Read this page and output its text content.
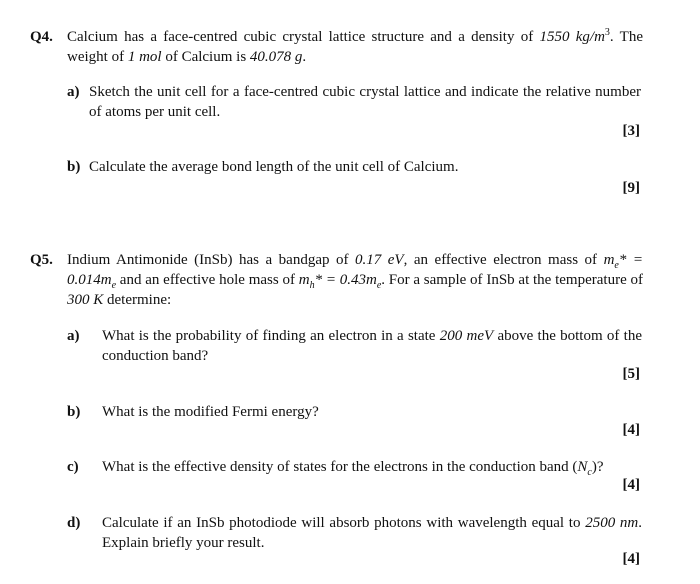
Q4. Calcium has a face-centred cubic crystal lattice structure and a density of 1550 $kg/m^3$. The weight of 1 mol of Calcium is 40.078 g.
a) Sketch the unit cell for a face-centred cubic crystal lattice and indicate the relative number of atoms per unit cell.
[3]
b) Calculate the average bond length of the unit cell of Calcium.
[9]
Q5. Indium Antimonide (InSb) has a bandgap of 0.17 eV, an effective electron mass of $m_e* = 0.014m_e$ and an effective hole mass of $m_h* = 0.43m_e$. For a sample of InSb at the temperature of 300 K determine:
a) What is the probability of finding an electron in a state 200 meV above the bottom of the conduction band?
[5]
b) What is the modified Fermi energy?
[4]
c) What is the effective density of states for the electrons in the conduction band $(N_c)$?
[4]
d) Calculate if an InSb photodiode will absorb photons with wavelength equal to 2500 nm.
Explain briefly your result.
[4]
